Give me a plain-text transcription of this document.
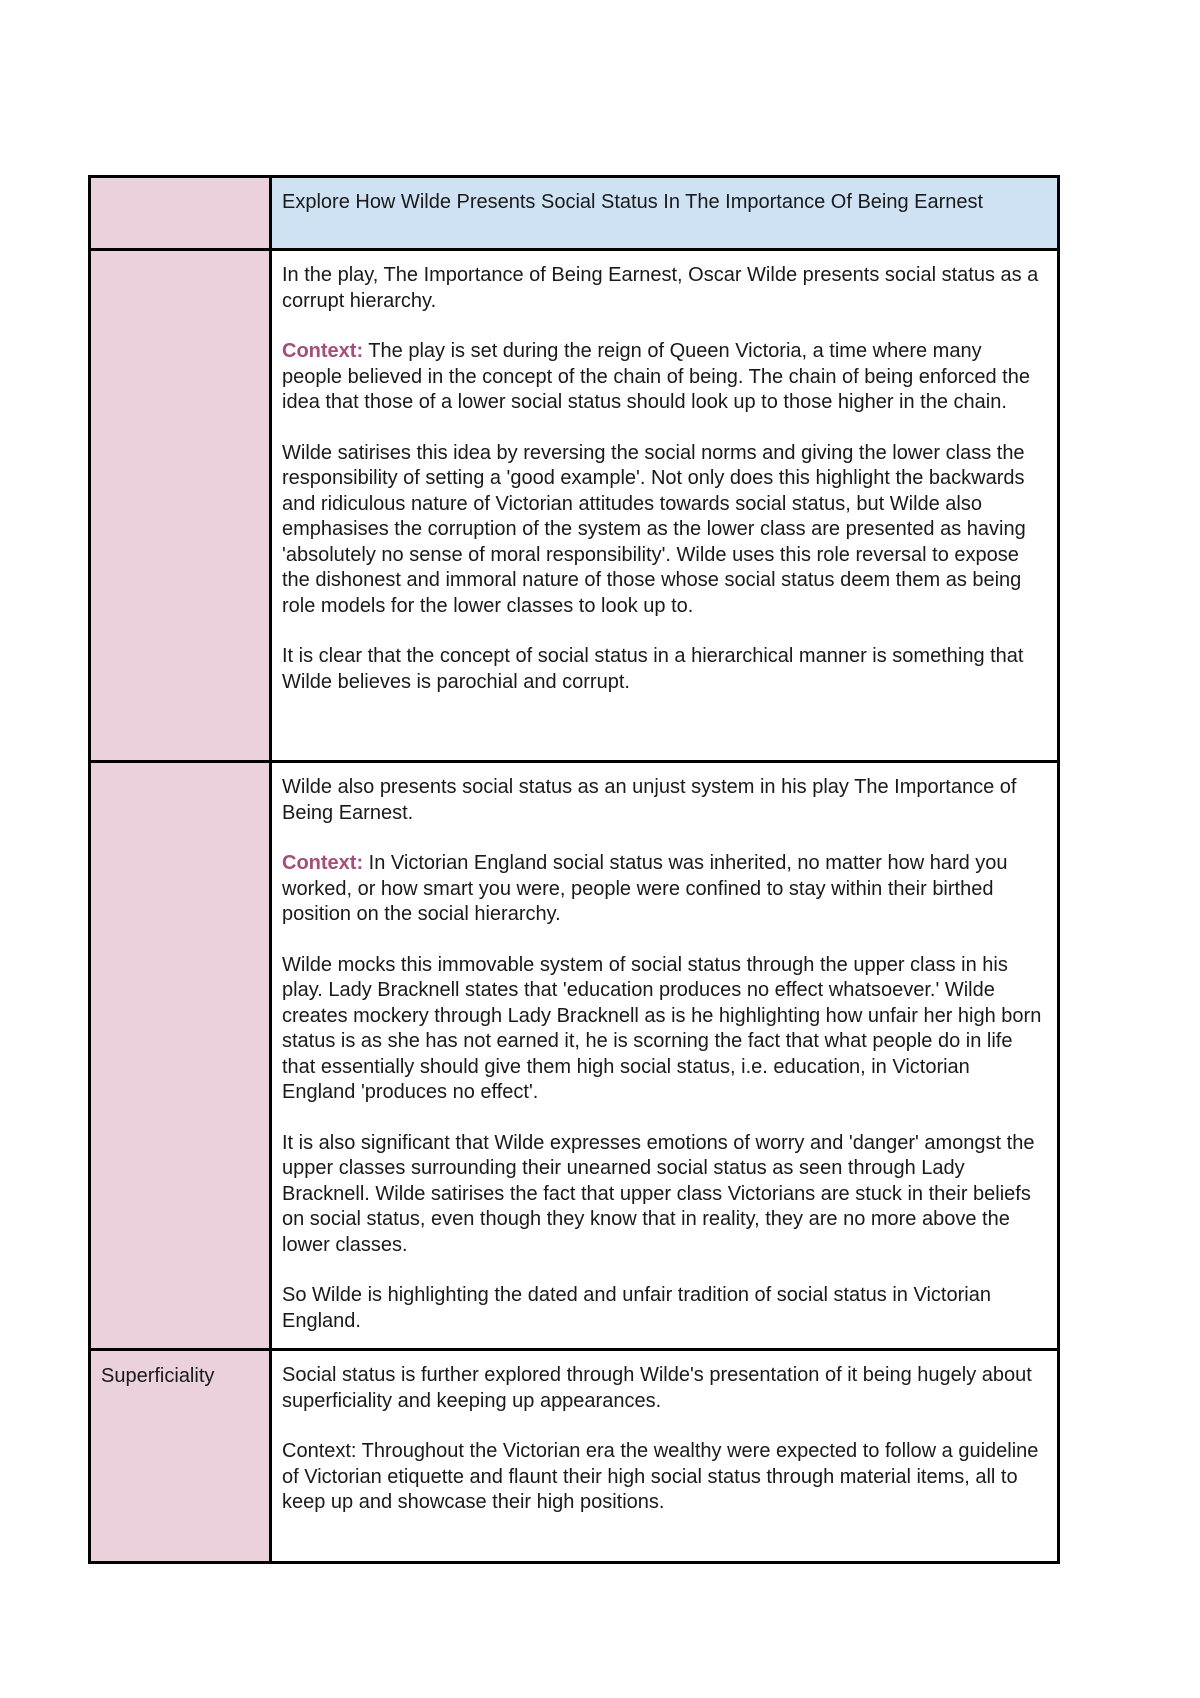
	Explore How Wilde Presents Social Status In The Importance Of Being Earnest

	In the play, The Importance of Being Earnest, Oscar Wilde presents social status as a corrupt hierarchy.

Context: The play is set during the reign of Queen Victoria, a time where many people believed in the concept of the chain of being. The chain of being enforced the idea that those of a lower social status should look up to those higher in the chain.

Wilde satirises this idea by reversing the social norms and giving the lower class the responsibility of setting a 'good example'. Not only does this highlight the backwards and ridiculous nature of Victorian attitudes towards social status, but Wilde also emphasises the corruption of the system as the lower class are presented as having 'absolutely no sense of moral responsibility'. Wilde uses this role reversal to expose the dishonest and immoral nature of those whose social status deem them as being role models for the lower classes to look up to.

It is clear that the concept of social status in a hierarchical manner is something that Wilde believes is parochial and corrupt.

	Wilde also presents social status as an unjust system in his play The Importance of Being Earnest.

Context: In Victorian England social status was inherited, no matter how hard you worked, or how smart you were, people were confined to stay within their birthed position on the social hierarchy.

Wilde mocks this immovable system of social status through the upper class in his play. Lady Bracknell states that 'education produces no effect whatsoever.' Wilde creates mockery through Lady Bracknell as is he highlighting how unfair her high born status is as she has not earned it, he is scorning the fact that what people do in life that essentially should give them high social status, i.e. education, in Victorian England 'produces no effect'.

It is also significant that Wilde expresses emotions of worry and 'danger' amongst the upper classes surrounding their unearned social status as seen through Lady Bracknell. Wilde satirises the fact that upper class Victorians are stuck in their beliefs on social status, even though they know that in reality, they are no more above the lower classes.

So Wilde is highlighting the dated and unfair tradition of social status in Victorian England.

Superficiality	Social status is further explored through Wilde's presentation of it being hugely about superficiality and keeping up appearances.

Context: Throughout the Victorian era the wealthy were expected to follow a guideline of Victorian etiquette and flaunt their high social status through material items, all to keep up and showcase their high positions.
